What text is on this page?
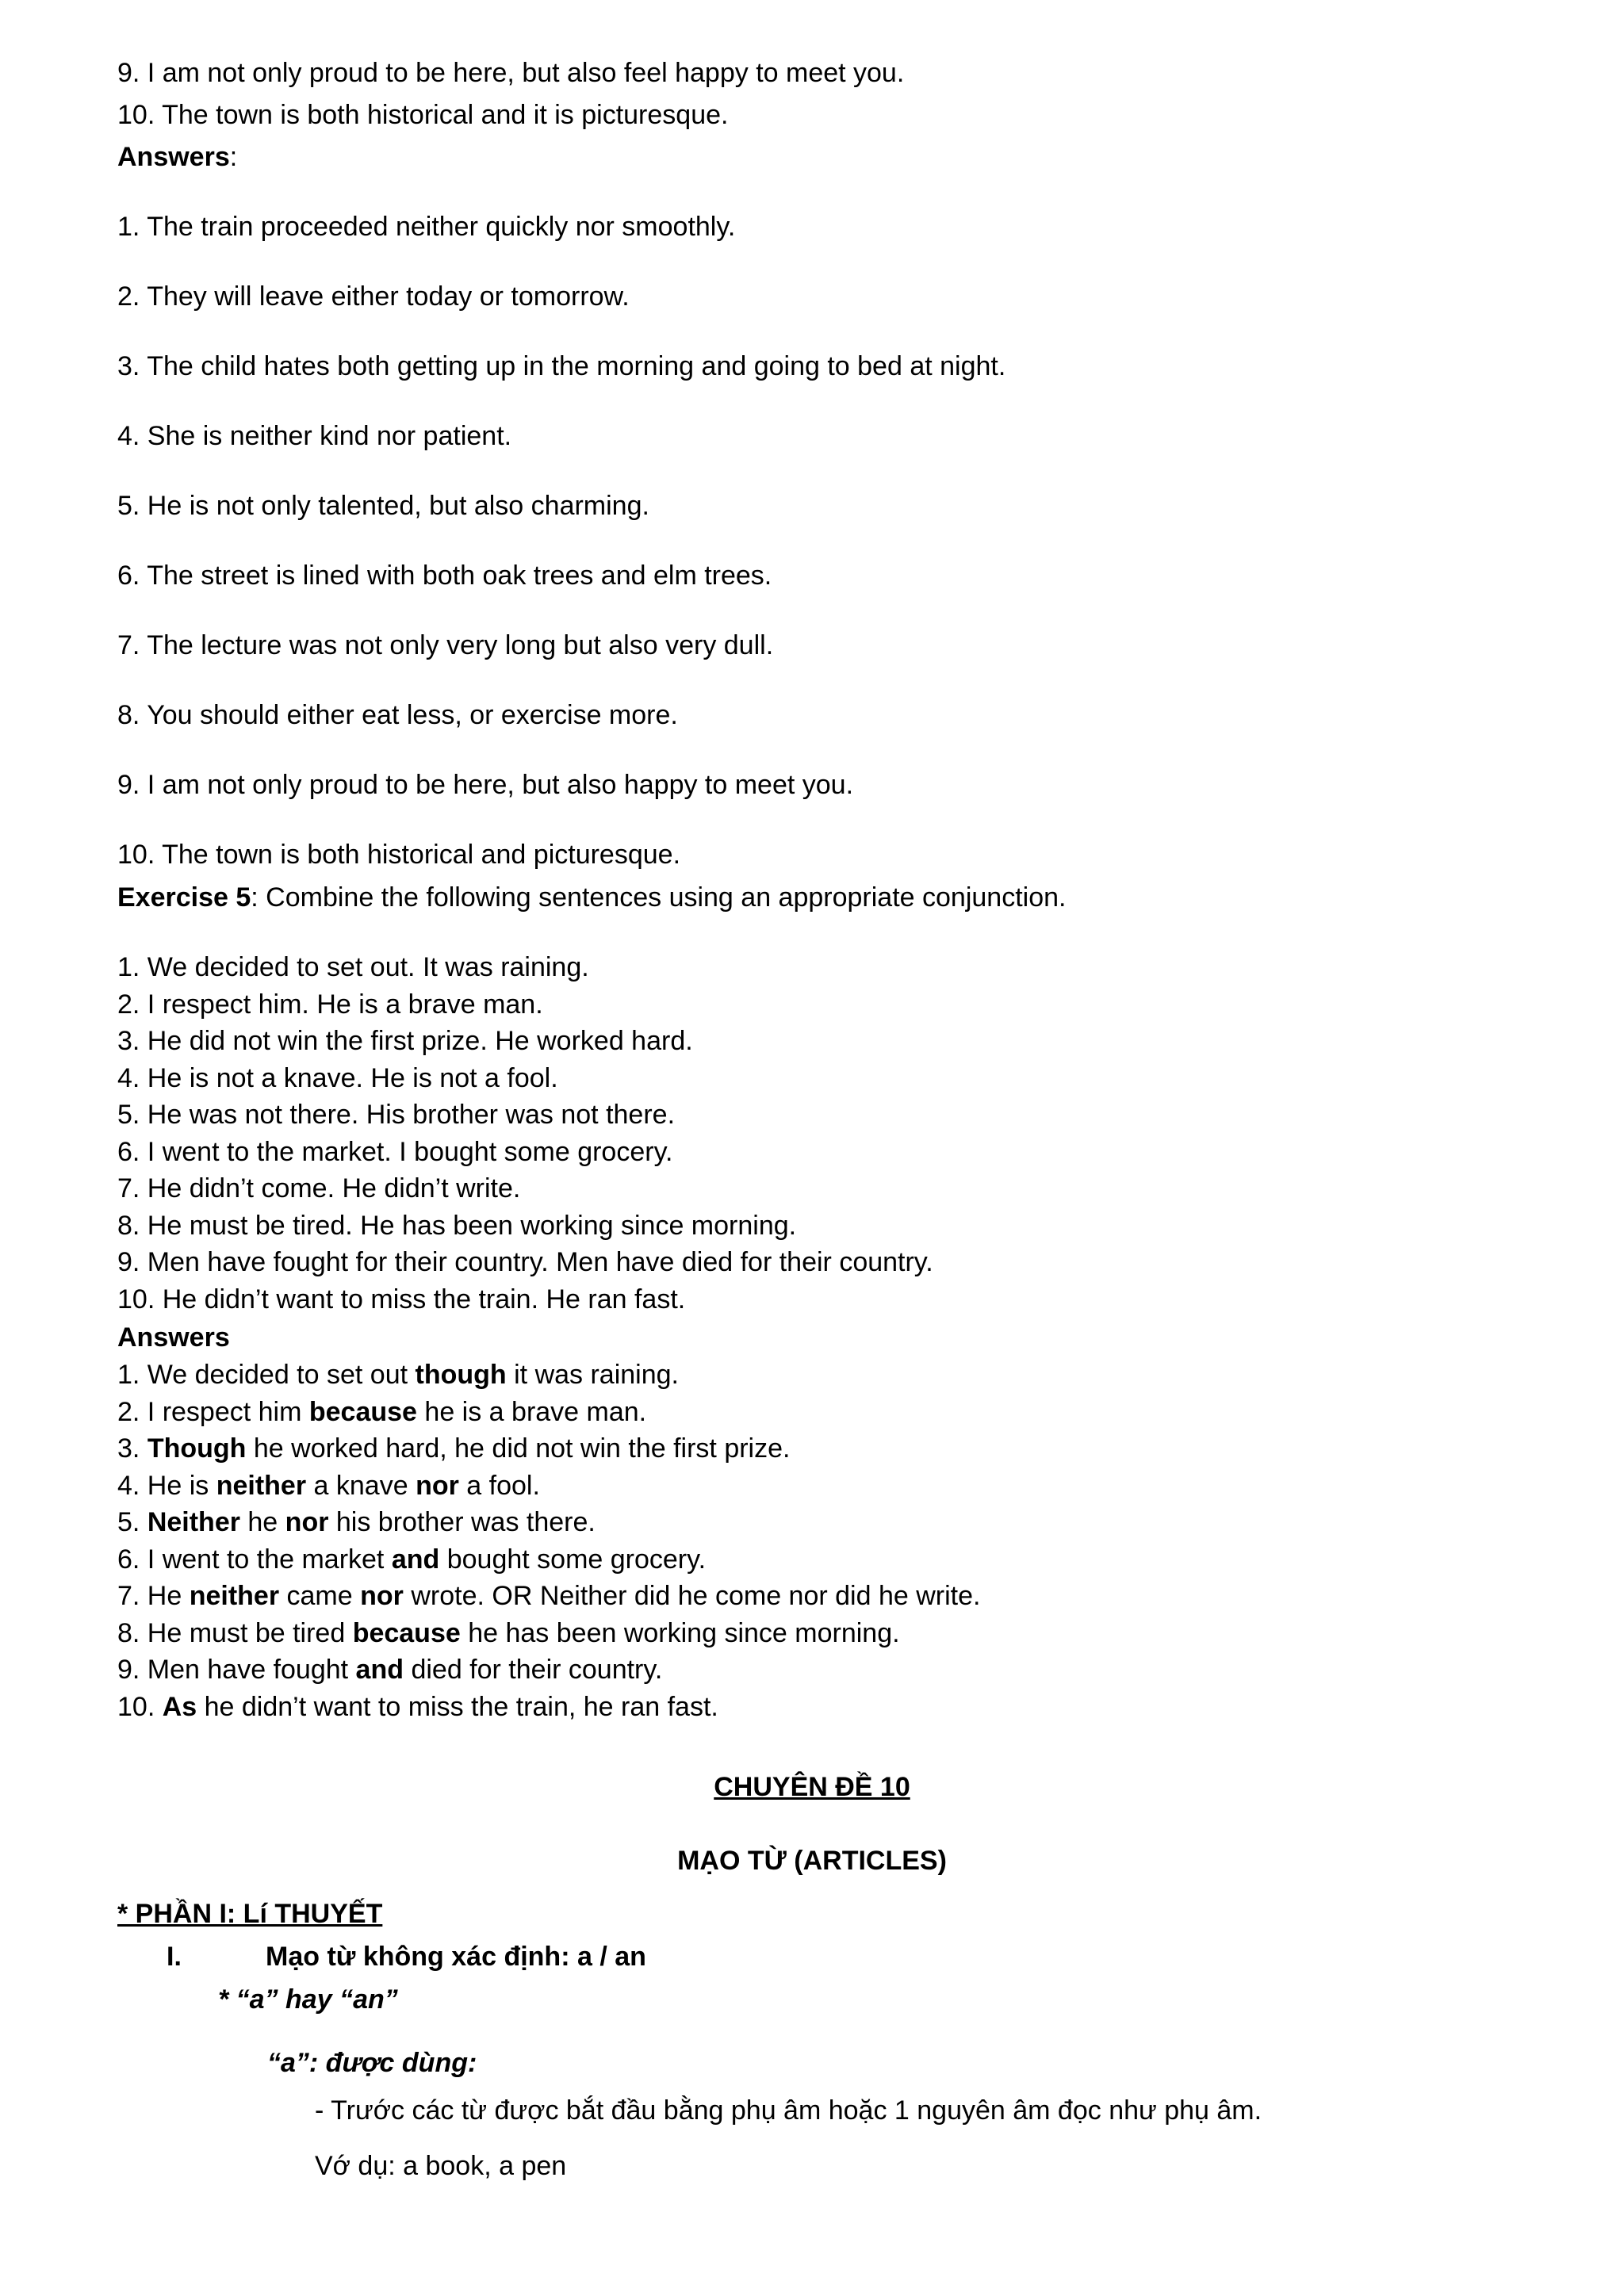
9. I am not only proud to be here, but also feel happy to meet you.
10. The town is both historical and it is picturesque.
Answers:
1. The train proceeded neither quickly nor smoothly.
2. They will leave either today or tomorrow.
3. The child hates both getting up in the morning and going to bed at night.
4. She is neither kind nor patient.
5. He is not only talented, but also charming.
6. The street is lined with both oak trees and elm trees.
7. The lecture was not only very long but also very dull.
8. You should either eat less, or exercise more.
9. I am not only proud to be here, but also happy to meet you.
10. The town is both historical and picturesque.
Exercise 5: Combine the following sentences using an appropriate conjunction.
1. We decided to set out. It was raining.
2. I respect him. He is a brave man.
3. He did not win the first prize. He worked hard.
4. He is not a knave. He is not a fool.
5. He was not there. His brother was not there.
6. I went to the market. I bought some grocery.
7. He didn’t come. He didn’t write.
8. He must be tired. He has been working since morning.
9. Men have fought for their country. Men have died for their country.
10. He didn’t want to miss the train. He ran fast.
Answers
1. We decided to set out though it was raining.
2. I respect him because he is a brave man.
3. Though he worked hard, he did not win the first prize.
4. He is neither a knave nor a fool.
5. Neither he nor his brother was there.
6. I went to the market and bought some grocery.
7. He neither came nor wrote. OR Neither did he come nor did he write.
8. He must be tired because he has been working since morning.
9. Men have fought and died for their country.
10. As he didn’t want to miss the train, he ran fast.
CHUYÊN ĐỀ 10
MẠO TỪ (ARTICLES)
* PHẦN I: Lí THUYẾT
I.	Mạo từ không xác định: a / an
* “a” hay “an”
“a”: được dùng:
- Trước các từ được bắt đầu bằng phụ âm hoặc 1 nguyên âm đọc như phụ âm.
Vớ dụ: a book, a pen
